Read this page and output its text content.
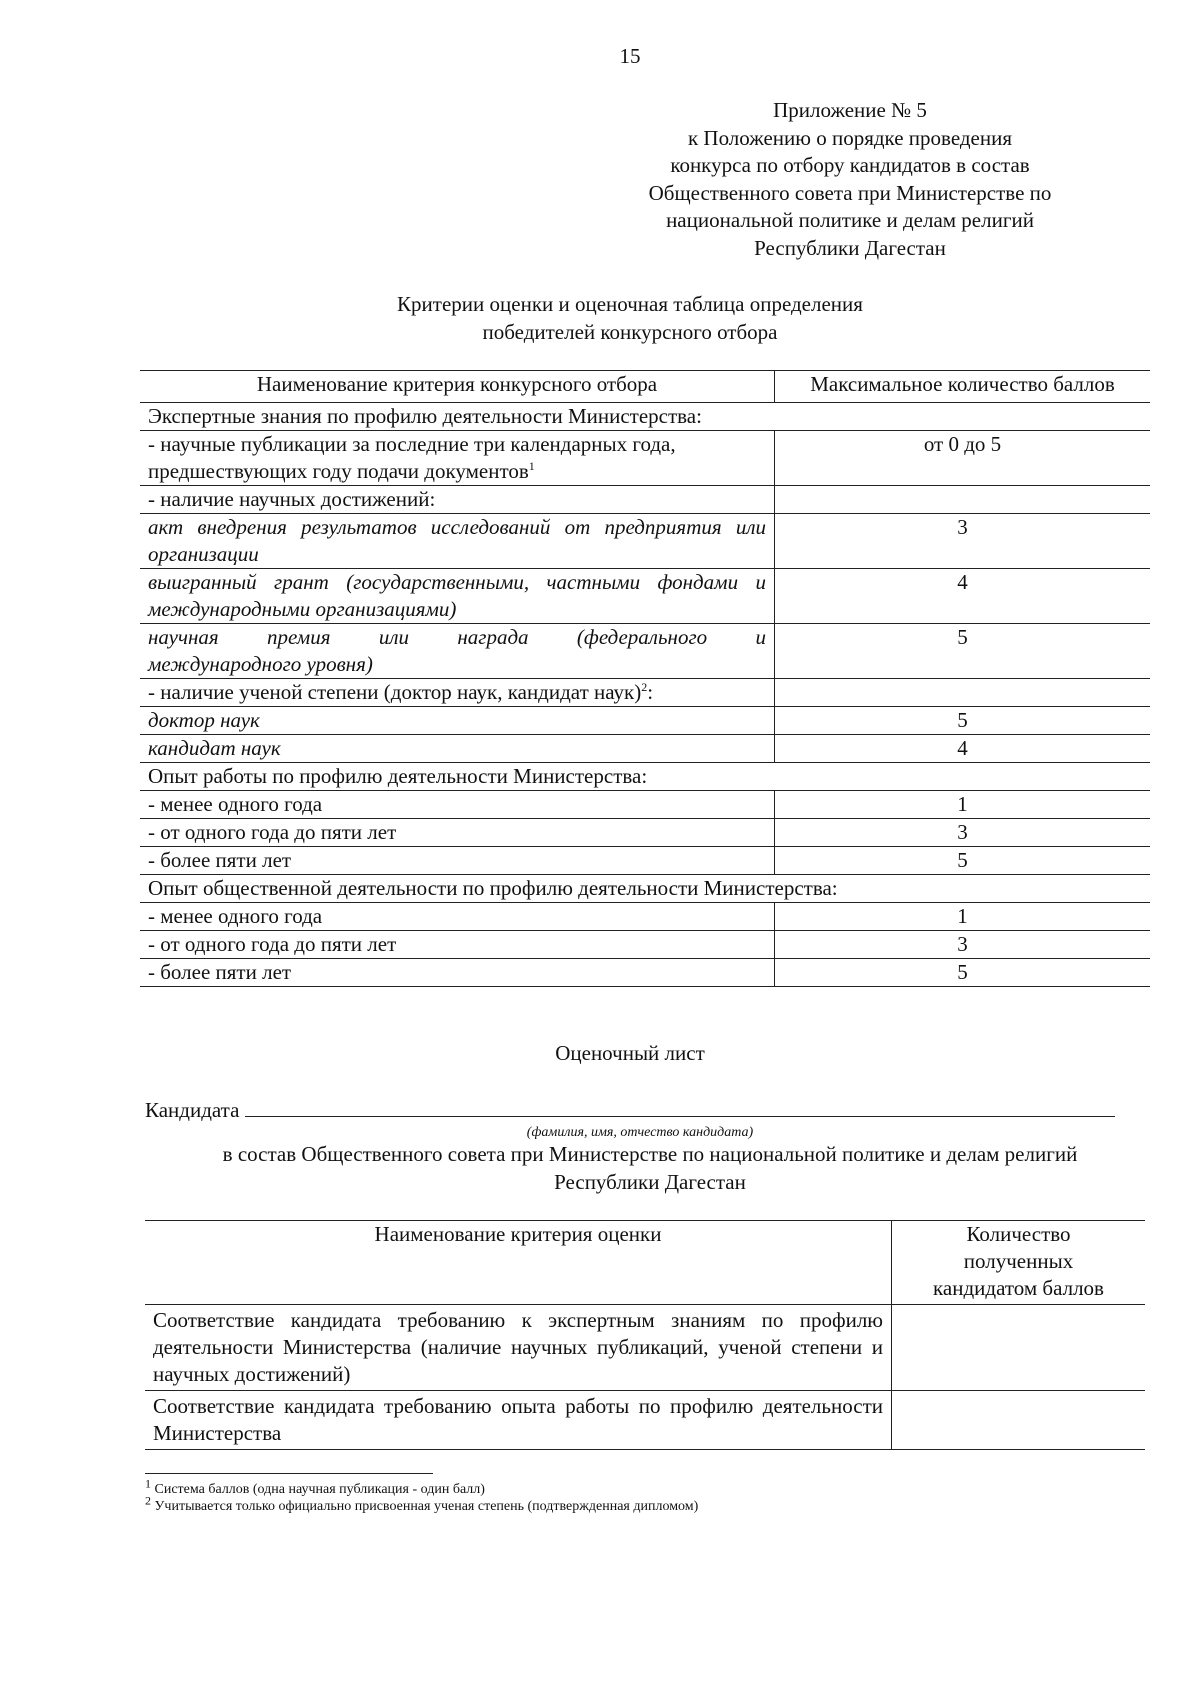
15
Приложение № 5
к Положению о порядке проведения
конкурса по отбору кандидатов в состав
Общественного совета при Министерстве по
национальной политике и делам религий
Республики Дагестан
Критерии оценки и оценочная таблица определения
победителей конкурсного отбора
Наименование критерия конкурсного отбора	Максимальное количество баллов
Экспертные знания по профилю деятельности Министерства:	
- научные публикации за последние три календарных года, предшествующих году подачи документов$^1$	от 0 до 5
- наличие научных достижений:	
акт внедрения результатов исследований от предприятия или организации	3
выигранный грант (государственными, частными фондами и международными организациями)	4

научная премия или награда (федерального и
международного уровня)	5
- наличие ученой степени (доктор наук, кандидат наук)$^2$:	
доктор наук	5
кандидат наук	4
Опыт работы по профилю деятельности Министерства:	
- менее одного года	1
- от одного года до пяти лет	3
- более пяти лет	5
Опыт общественной деятельности по профилю деятельности Министерства:	
- менее одного года	1
- от одного года до пяти лет	3
- более пяти лет	5
Оценочный лист
Кандидата
(фамилия, имя, отчество кандидата)
в состав Общественного совета при Министерстве по национальной политике и делам религий
Республики Дагестан
Наименование критерия оценки	Количество полученных кандидатом баллов
Соответствие кандидата требованию к экспертным знаниям по профилю деятельности Министерства (наличие научных публикаций, ученой степени и научных достижений)	
Соответствие кандидата требованию опыта работы по профилю деятельности Министерства	
$^1$ Система баллов (одна научная публикация - один балл)
$^2$ Учитывается только официально присвоенная ученая степень (подтвержденная дипломом)
